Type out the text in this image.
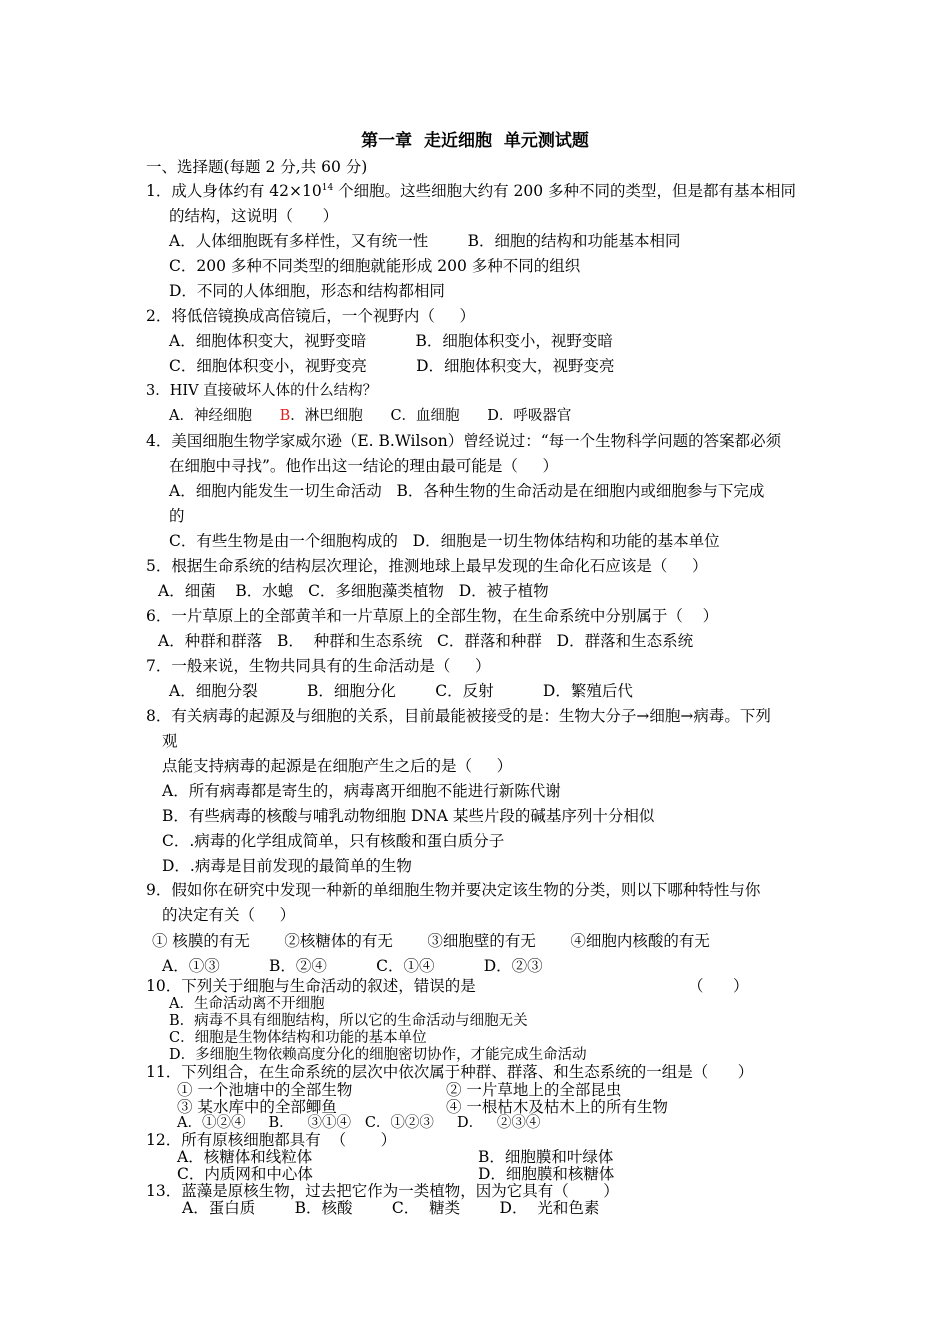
第一章  走近细胞  单元测试题
一、选择题(每题 2 分,共 60 分)
1．成人身体约有 $42\times 10^{14}$ 个细胞。这些细胞大约有 200 多种不同的类型，但是都有基本相同
的结构，这说明（      ）
A．人体细胞既有多样性，又有统一性        B．细胞的结构和功能基本相同
C．200 多种不同类型的细胞就能形成 200 多种不同的组织
D．不同的人体细胞，形态和结构都相同
2．将低倍镜换成高倍镜后，一个视野内（     ）
A．细胞体积变大，视野变暗          B．细胞体积变小，视野变暗
C．细胞体积变小，视野变亮          D．细胞体积变大，视野变亮
3．HIV 直接破坏人体的什么结构？
A．神经细胞      B．淋巴细胞      C．血细胞      D．呼吸器官
4．美国细胞生物学家威尔逊（E. B.Wilson）曾经说过：“每一个生物科学问题的答案都必须
在细胞中寻找”。他作出这一结论的理由最可能是（     ）
A．细胞内能发生一切生命活动   B．各种生物的生命活动是在细胞内或细胞参与下完成
的
C．有些生物是由一个细胞构成的   D．细胞是一切生物体结构和功能的基本单位
5．根据生命系统的结构层次理论，推测地球上最早发现的生命化石应该是（     ）
A．细菌    B．水螅   C．多细胞藻类植物   D．被子植物
6．一片草原上的全部黄羊和一片草原上的全部生物，在生命系统中分别属于（    ）
A．种群和群落   B．  种群和生态系统   C．群落和种群   D．群落和生态系统
7．一般来说，生物共同具有的生命活动是（     ）
A．细胞分裂          B．细胞分化        C．反射          D．繁殖后代
8．有关病毒的起源及与细胞的关系，目前最能被接受的是：生物大分子→细胞→病毒。下列
观
点能支持病毒的起源是在细胞产生之后的是（     ）
A．所有病毒都是寄生的，病毒离开细胞不能进行新陈代谢
B．有些病毒的核酸与哺乳动物细胞 DNA 某些片段的碱基序列十分相似
C．.病毒的化学组成简单，只有核酸和蛋白质分子
D．.病毒是目前发现的最简单的生物
9．假如你在研究中发现一种新的单细胞生物并要决定该生物的分类，则以下哪种特性与你
的决定有关（     ）
① 核膜的有无       ②核糖体的有无       ③细胞壁的有无       ④细胞内核酸的有无
A．①③          B．②④          C．①④          D．②③
10．下列关于细胞与生命活动的叙述，错误的是	（      ）
A．生命活动离不开细胞
B．病毒不具有细胞结构，所以它的生命活动与细胞无关
C．细胞是生物体结构和功能的基本单位
D．多细胞生物依赖高度分化的细胞密切协作，才能完成生命活动
11．下列组合，在生命系统的层次中依次属于种群、群落、和生态系统的一组是（      ）
① 一个池塘中的全部生物	② 一片草地上的全部昆虫
③ 某水库中的全部鲫鱼	④ 一根枯木及枯木上的所有生物
A．①②④     B．   ③①④   C．①②③     D．   ②③④
12．所有原核细胞都具有  （       ）
A．核糖体和线粒体	B．细胞膜和叶绿体
C．内质网和中心体	D．细胞膜和核糖体
13．蓝藻是原核生物，过去把它作为一类植物，因为它具有（       ）
A．蛋白质        B．核酸        C．  糖类        D．  光和色素
